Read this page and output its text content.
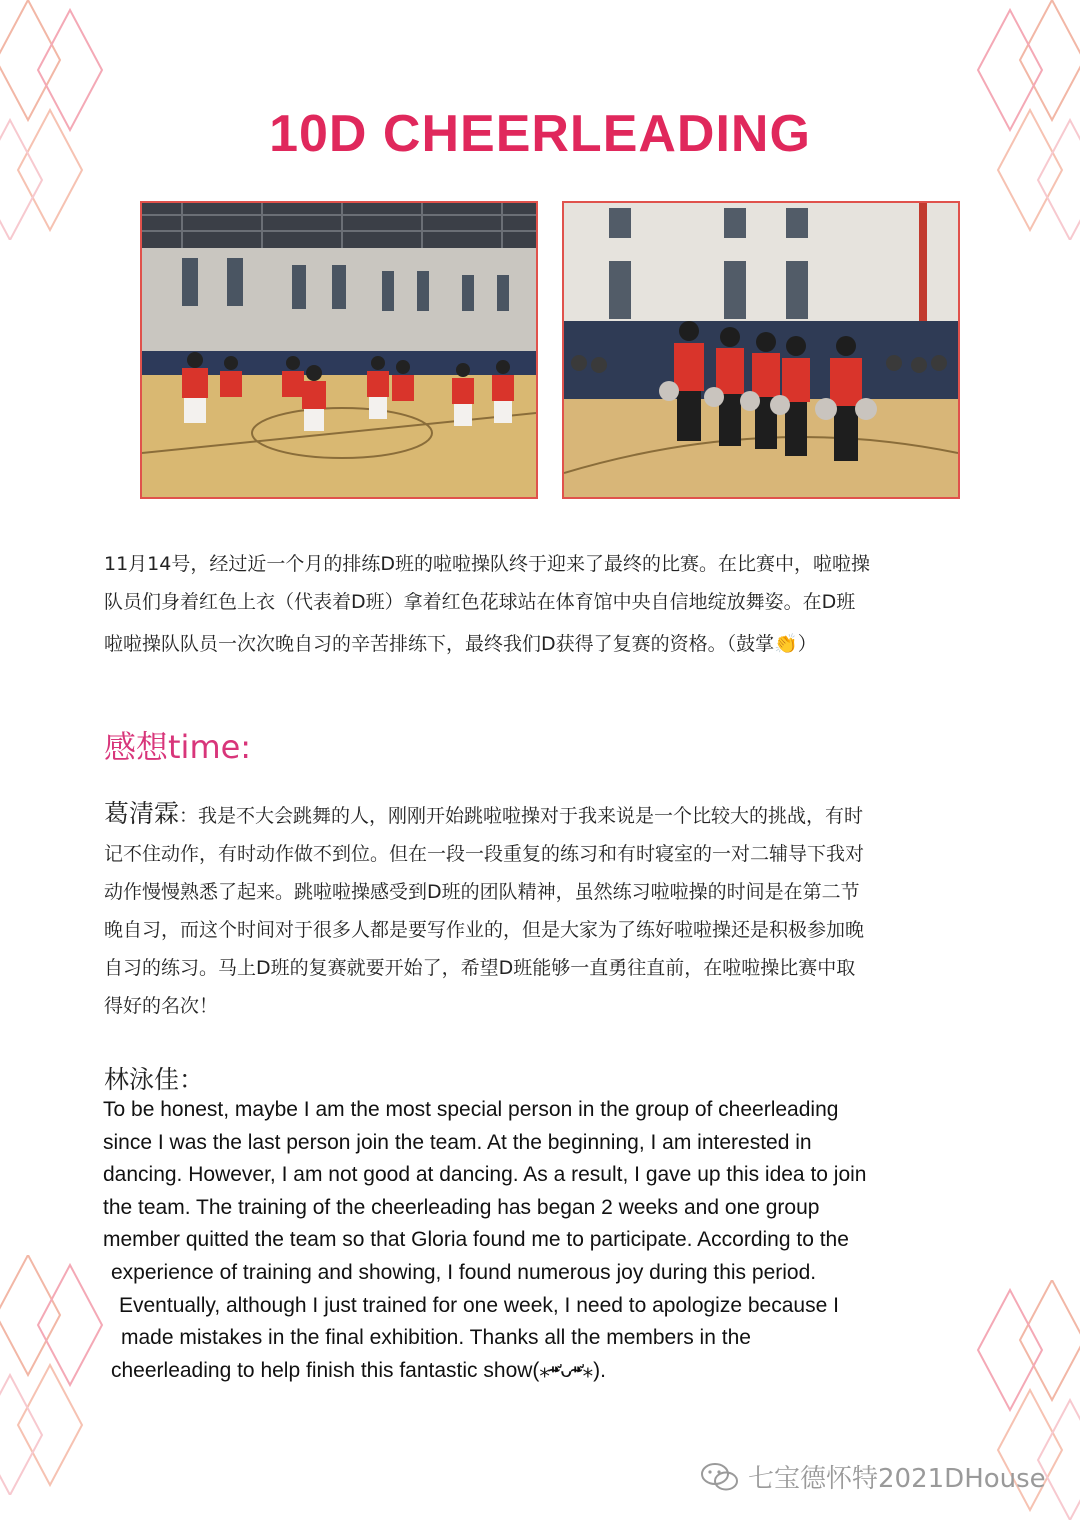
10D CHEERLEADING
11月14号，经过近一个月的排练D班的啦啦操队终于迎来了最终的比赛。在比赛中，啦啦操
队员们身着红色上衣（代表着D班）拿着红色花球站在体育馆中央自信地绽放舞姿。在D班
啦啦操队队员一次次晚自习的辛苦排练下，最终我们D获得了复赛的资格。（鼓掌👏）
感想time:
葛清霖：我是不大会跳舞的人，刚刚开始跳啦啦操对于我来说是一个比较大的挑战，有时
记不住动作，有时动作做不到位。但在一段一段重复的练习和有时寝室的一对二辅导下我对
动作慢慢熟悉了起来。跳啦啦操感受到D班的团队精神，虽然练习啦啦操的时间是在第二节
晚自习，而这个时间对于很多人都是要写作业的，但是大家为了练好啦啦操还是积极参加晚
自习的练习。马上D班的复赛就要开始了，希望D班能够一直勇往直前，在啦啦操比赛中取
得好的名次！
林泳佳：
To be honest, maybe I am the most special person in the group of cheerleading
since I was the last person join the team. At the beginning, I am interested in
dancing. However, I am not good at dancing. As a result, I gave up this idea to join
the team. The training of the cheerleading has began 2 weeks and one group
member quitted the team so that Gloria found me to participate. According to the
experience of training and showing, I found numerous joy during this period.
Eventually, although I just trained for one week, I need to apologize because I
made mistakes in the final exhibition. Thanks all the members in the
cheerleading to help finish this fantastic show(⁎⁍̴̛ᴗ⁍̴̛⁎).
七宝德怀特2021DHouse
